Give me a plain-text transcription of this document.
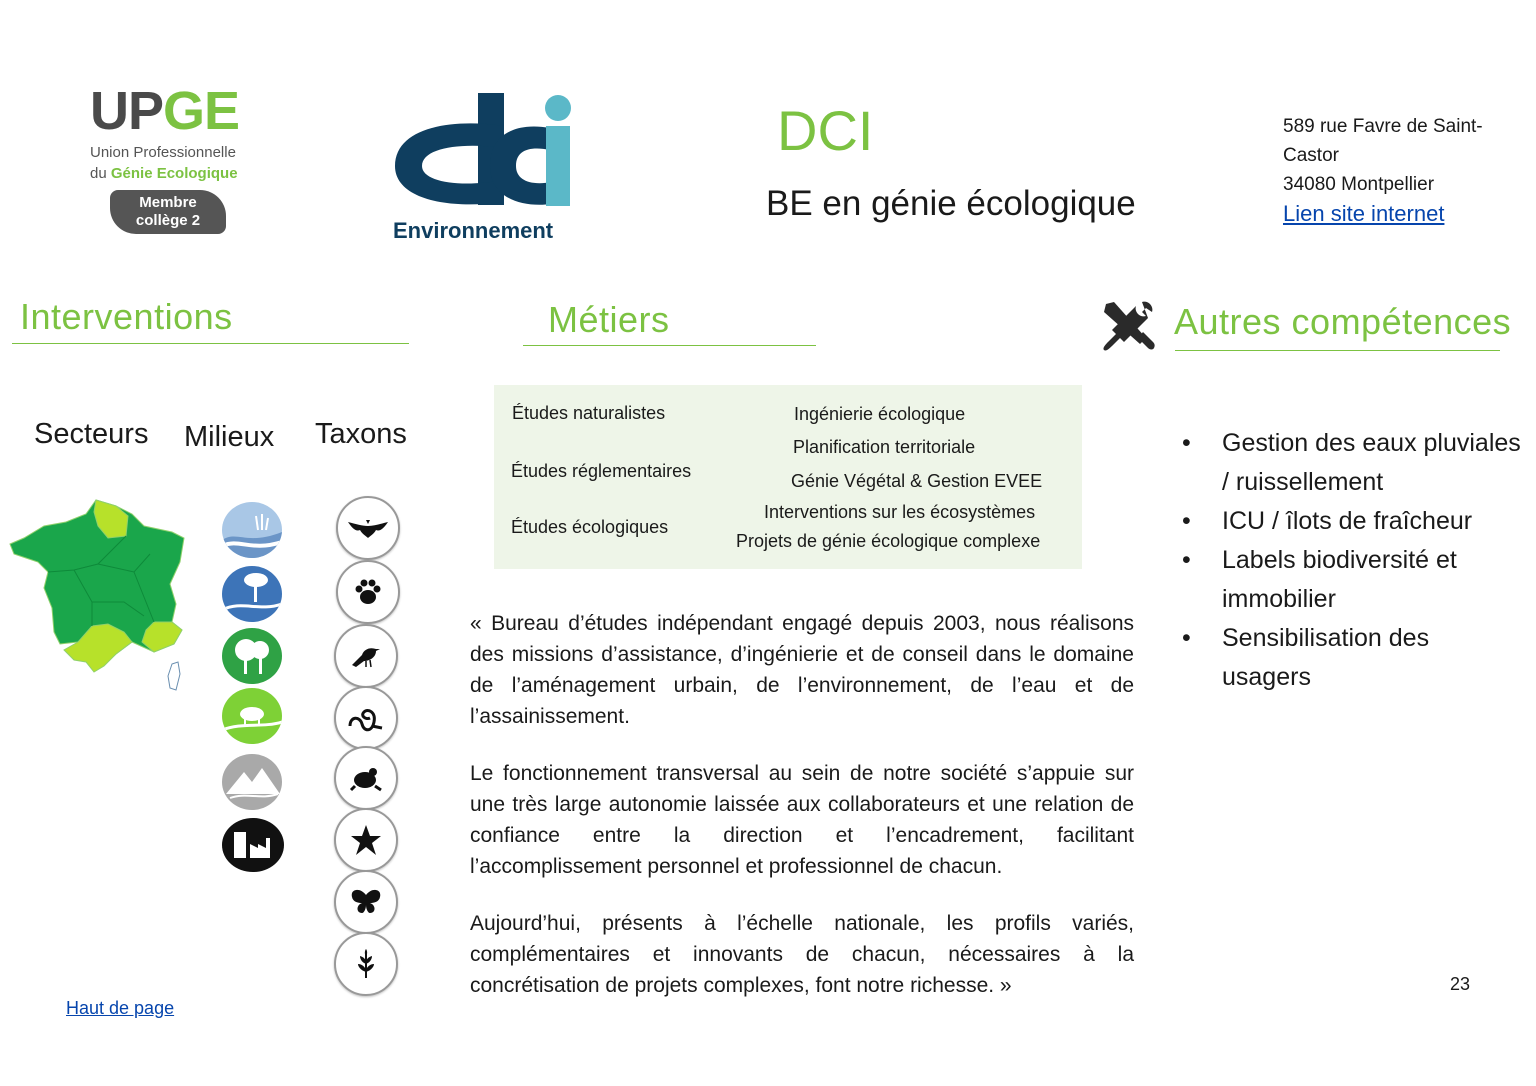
UPGE
Union Professionnelle
du Génie Ecologique
Membre
collège 2	Environnement
DCI
BE en génie écologique
589 rue Favre de Saint-
Castor
34080 Montpellier
Lien site internet
Interventions	Métiers	Autres compétences
Secteurs Milieux Taxons
Études naturalistes
Études réglementaires
Études écologiques
Ingénierie écologique
Planification territoriale
Génie Végétal & Gestion EVEE
Interventions sur les écosystèmes
Projets de génie écologique complexe

« Bureau d’études indépendant engagé depuis 2003, nous réalisons des missions d’assistance, d’ingénierie et de conseil dans le domaine de l’aménagement urbain, de l’environnement, de l’eau et de l’assainissement.

Le fonctionnement transversal au sein de notre société s’appuie sur une très large autonomie laissée aux collaborateurs et une relation de confiance entre la direction et l’encadrement, facilitant l’accomplissement personnel et professionnel de chacun.

Aujourd’hui, présents à l’échelle nationale, les profils variés, complémentaires et innovants de chacun, nécessaires à la concrétisation de projets complexes, font notre richesse. »

• Gestion des eaux pluviales / ruissellement
• ICU / îlots de fraîcheur
• Labels biodiversité et immobilier
• Sensibilisation des usagers
Haut de page
23
